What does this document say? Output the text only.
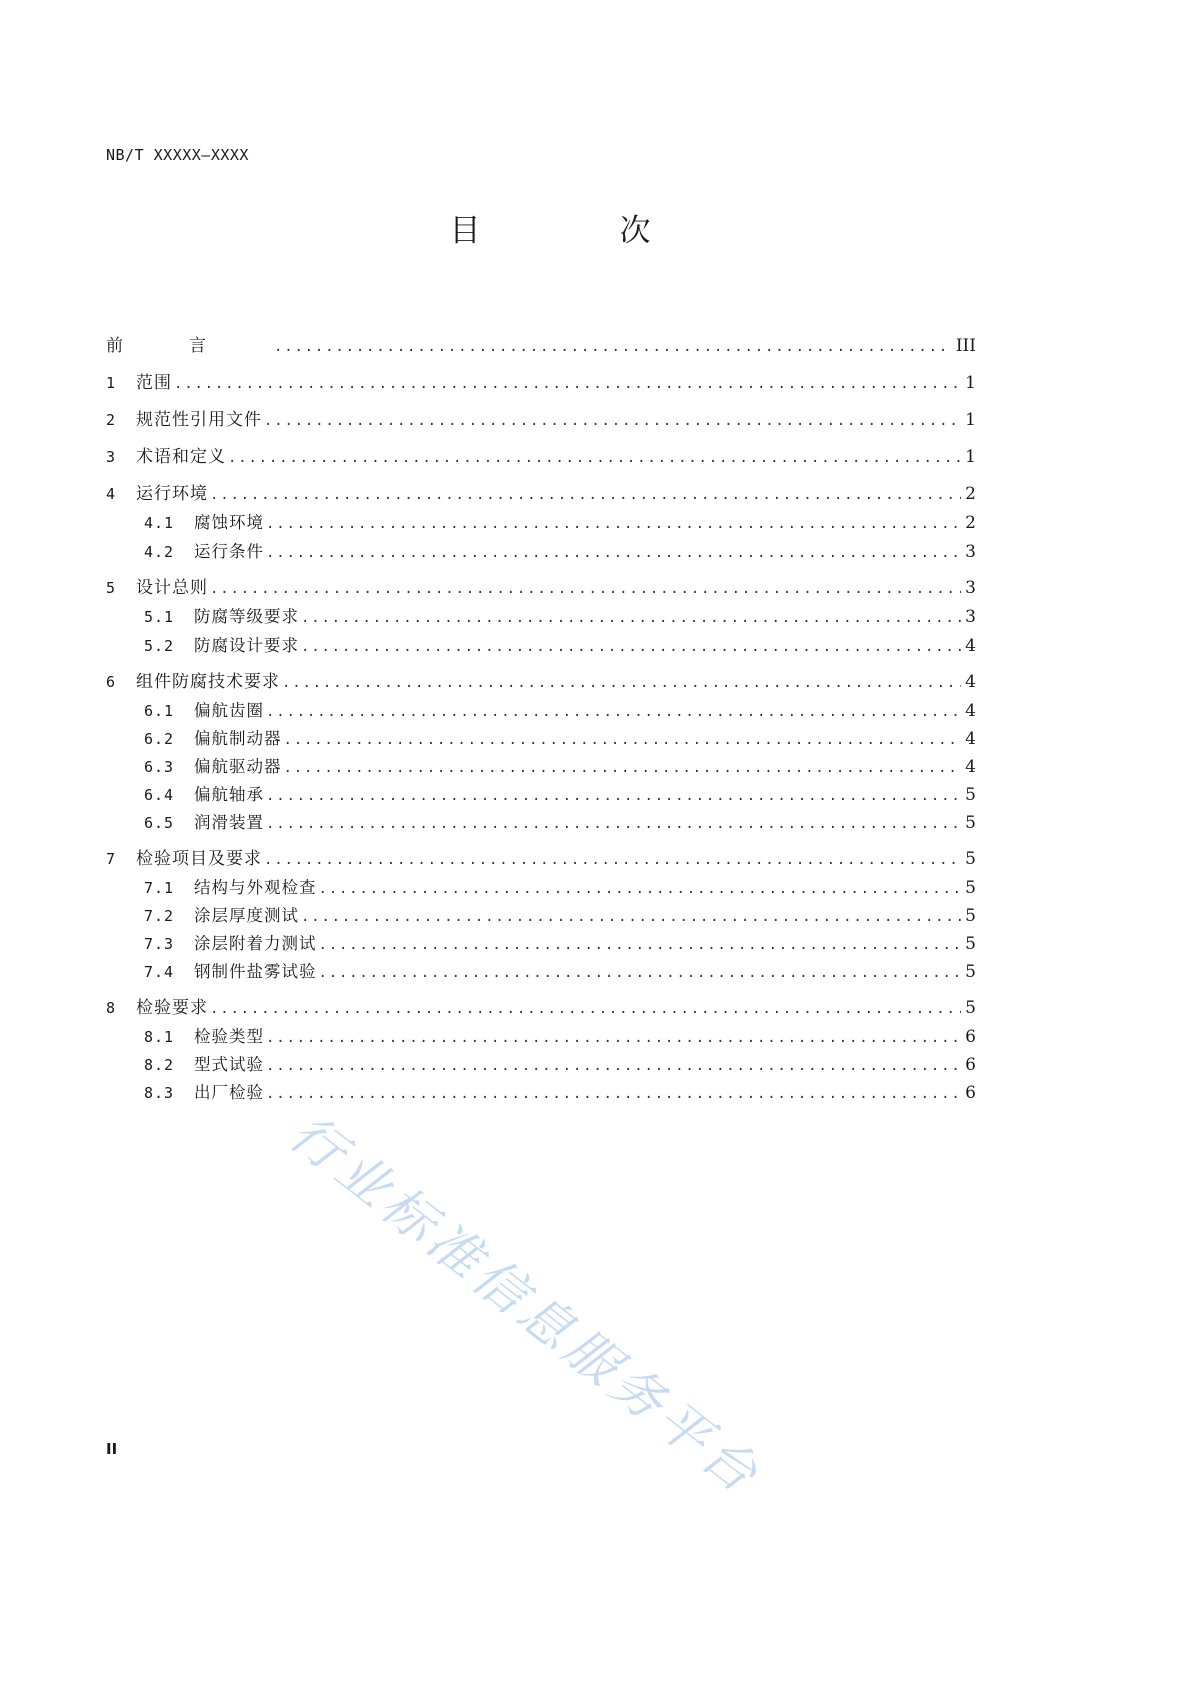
NB/T XXXXX—XXXX
目　次
前言 .....	III
1	范围 .....	1
2	规范性引用文件 .....	1
3	术语和定义 .....	1
4	运行环境 .....	2
4.1	腐蚀环境 .....	2
4.2	运行条件 .....	3
5	设计总则 .....	3
5.1	防腐等级要求 .....	3
5.2	防腐设计要求 .....	4
6	组件防腐技术要求 .....	4
6.1	偏航齿圈 .....	4
6.2	偏航制动器 .....	4
6.3	偏航驱动器 .....	4
6.4	偏航轴承 .....	5
6.5	润滑装置 .....	5
7	检验项目及要求 .....	5
7.1	结构与外观检查 .....	5
7.2	涂层厚度测试 .....	5
7.3	涂层附着力测试 .....	5
7.4	钢制件盐雾试验 .....	5
8	检验要求 .....	5
8.1	检验类型 .....	6
8.2	型式试验 .....	6
8.3	出厂检验 .....	6
II	行业标准信息服务平台
